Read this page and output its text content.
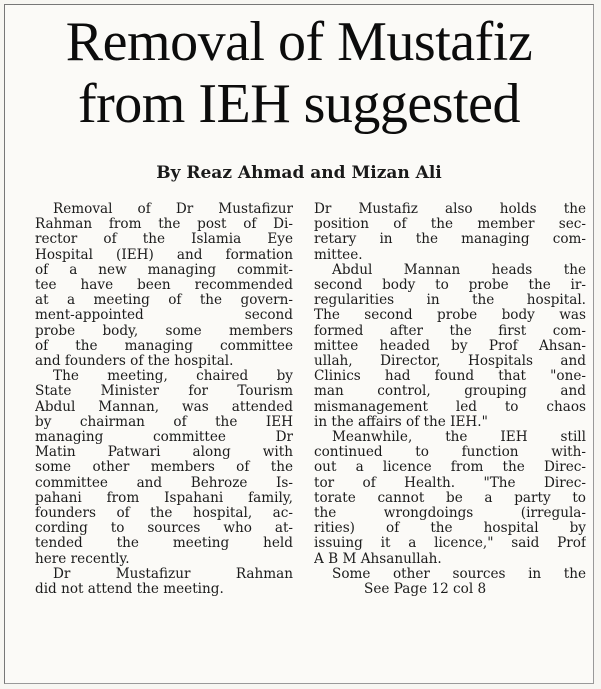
Removal of Mustafiz
from IEH suggested
By Reaz Ahmad and Mizan Ali
Removal of Dr Mustafizur
Rahman from the post of Di-
rector of the Islamia Eye
Hospital (IEH) and formation
of a new managing commit-
tee have been recommended
at a meeting of the govern-
ment-appointed second
probe body, some members
of the managing committee
and founders of the hospital.
The meeting, chaired by
State Minister for Tourism
Abdul Mannan, was attended
by chairman of the IEH
managing committee Dr
Matin Patwari along with
some other members of the
committee and Behroze Is-
pahani from Ispahani family,
founders of the hospital, ac-
cording to sources who at-
tended the meeting held
here recently.
Dr Mustafizur Rahman
did not attend the meeting.
Dr Mustafiz also holds the
position of the member sec-
retary in the managing com-
mittee.
Abdul Mannan heads the
second body to probe the ir-
regularities in the hospital.
The second probe body was
formed after the first com-
mittee headed by Prof Ahsan-
ullah, Director, Hospitals and
Clinics had found that "one-
man control, grouping and
mismanagement led to chaos
in the affairs of the IEH."
Meanwhile, the IEH still
continued to function with-
out a licence from the Direc-
tor of Health. "The Direc-
torate cannot be a party to
the wrongdoings (irregula-
rities) of the hospital by
issuing it a licence," said Prof
A B M Ahsanullah.
Some other sources in the
See Page 12 col 8
